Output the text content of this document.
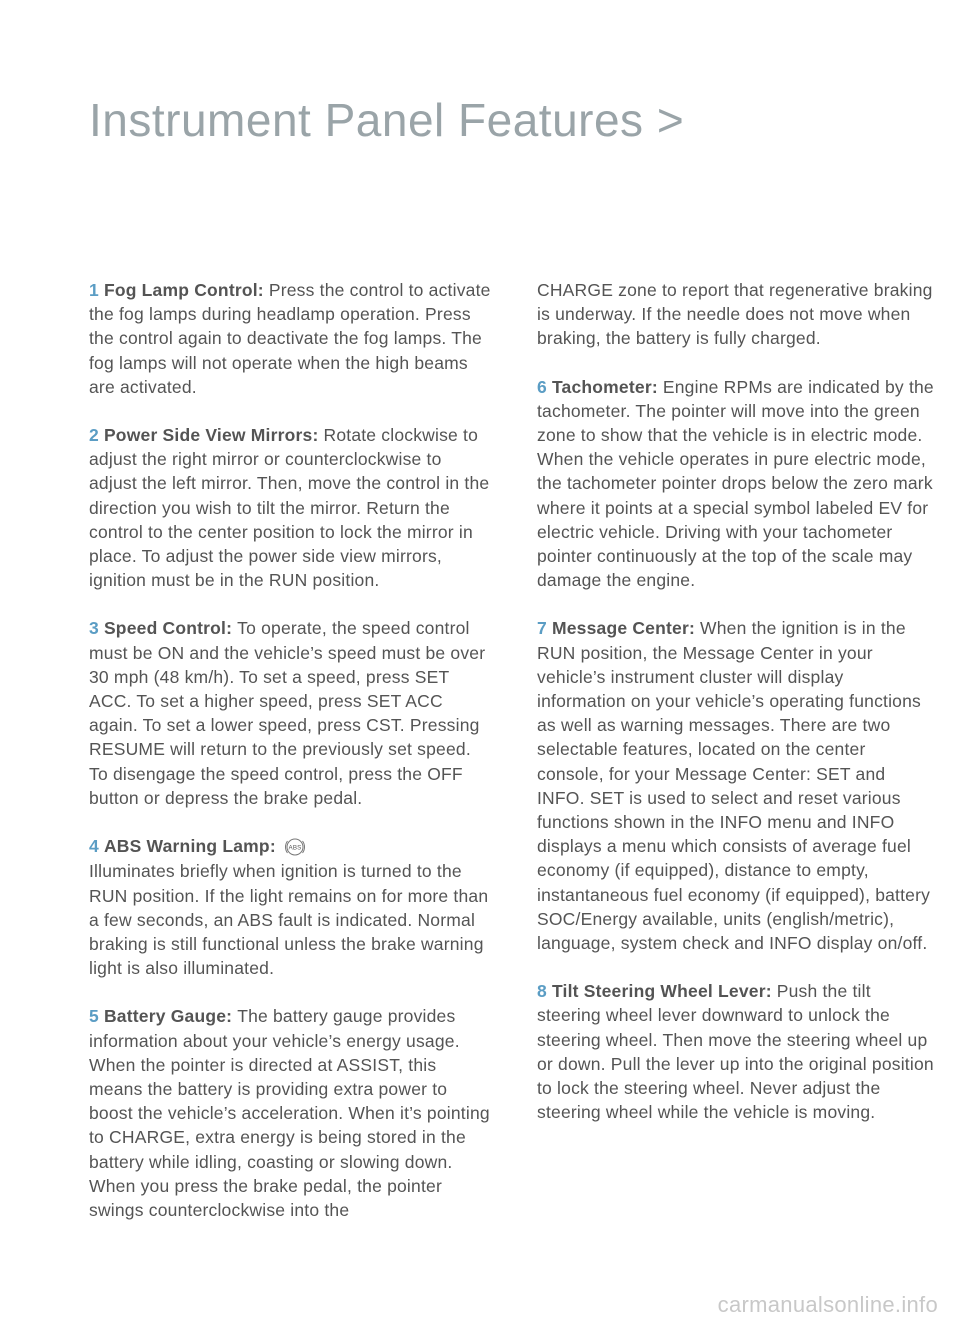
Instrument Panel Features >

1 Fog Lamp Control: Press the control to activate the fog lamps during headlamp operation. Press the control again to deactivate the fog lamps. The fog lamps will not operate when the high beams are activated.

2 Power Side View Mirrors: Rotate clockwise to adjust the right mirror or counterclockwise to adjust the left mirror. Then, move the control in the direction you wish to tilt the mirror. Return the control to the center position to lock the mirror in place. To adjust the power side view mirrors, ignition must be in the RUN position.

3 Speed Control: To operate, the speed control must be ON and the vehicle’s speed must be over 30 mph (48 km/h). To set a speed, press SET ACC. To set a higher speed, press SET ACC again. To set a lower speed, press CST. Pressing RESUME will return to the previously set speed. To disengage the speed control, press the OFF button or depress the brake pedal.

4 ABS Warning Lamp: ABS

Illuminates briefly when ignition is turned to the RUN position. If the light remains on for more than a few seconds, an ABS fault is indicated. Normal braking is still functional unless the brake warning light is also illuminated.

5 Battery Gauge: The battery gauge provides information about your vehicle’s energy usage. When the pointer is directed at ASSIST, this means the battery is providing extra power to boost the vehicle’s acceleration. When it’s pointing to CHARGE, extra energy is being stored in the battery while idling, coasting or slowing down. When you press the brake pedal, the pointer swings counterclockwise into the

CHARGE zone to report that regenerative braking is underway. If the needle does not move when braking, the battery is fully charged.

6 Tachometer: Engine RPMs are indicated by the tachometer. The pointer will move into the green zone to show that the vehicle is in electric mode. When the vehicle operates in pure electric mode, the tachometer pointer drops below the zero mark where it points at a special symbol labeled EV for electric vehicle. Driving with your tachometer pointer continuously at the top of the scale may damage the engine.

7 Message Center: When the ignition is in the RUN position, the Message Center in your vehicle’s instrument cluster will display information on your vehicle’s operating functions as well as warning messages. There are two selectable features, located on the center console, for your Message Center: SET and INFO. SET is used to select and reset various functions shown in the INFO menu and INFO displays a menu which consists of average fuel economy (if equipped), distance to empty, instantaneous fuel economy (if equipped), battery SOC/Energy available, units (english/metric), language, system check and INFO display on/off.

8 Tilt Steering Wheel Lever: Push the tilt steering wheel lever downward to unlock the steering wheel. Then move the steering wheel up or down. Pull the lever up into the original position to lock the steering wheel. Never adjust the steering wheel while the vehicle is moving.

carmanualsonline.info
